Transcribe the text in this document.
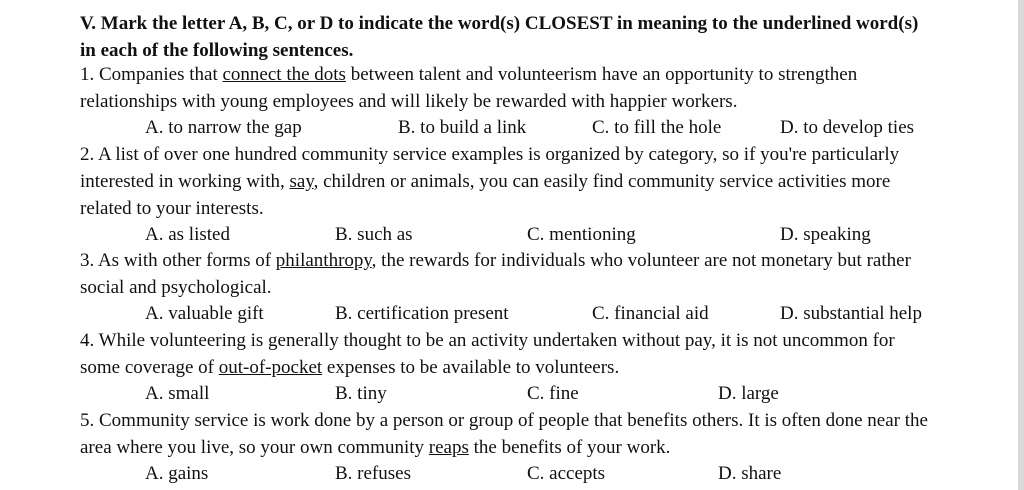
V. Mark the letter A, B, C, or D to indicate the word(s) CLOSEST in meaning to the underlined word(s)
in each of the following sentences.
1. Companies that connect the dots between talent and volunteerism have an opportunity to strengthen
relationships with young employees and will likely be rewarded with happier workers.
A. to narrow the gap	B. to build a link	C. to fill the hole	D. to develop ties
2. A list of over one hundred community service examples is organized by category, so if you're particularly
interested in working with, say, children or animals, you can easily find community service activities more
related to your interests.
A. as listed	B. such as	C. mentioning	D. speaking
3. As with other forms of philanthropy, the rewards for individuals who volunteer are not monetary but rather
social and psychological.
A. valuable gift	B. certification present	C. financial aid	D. substantial help
4. While volunteering is generally thought to be an activity undertaken without pay, it is not uncommon for
some coverage of out-of-pocket expenses to be available to volunteers.
A. small	B. tiny	C. fine	D. large
5. Community service is work done by a person or group of people that benefits others. It is often done near the
area where you live, so your own community reaps the benefits of your work.
A. gains	B. refuses	C. accepts	D. share
